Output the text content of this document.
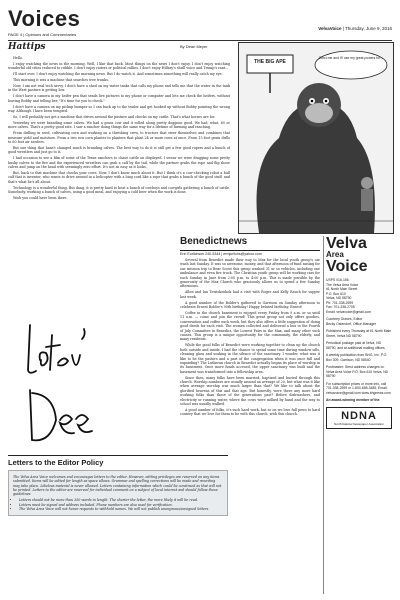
Voices
PAGE 4 | Opinions and Commentaries
VelvaVoice | Thursday, June 9, 2016
Hattips	By Dean Meyer

Hello.

I enjoy watching the news in the morning. Well, I like that back. Most things on the news I don't enjoy. I don't enjoy watching wonderful old cities reduced to rubble. I don't enjoy rioters or political rallies. I don't enjoy Hillary's shrill voice and Trump's rant...

I'll start over. I don't enjoy watching the morning news. But I do watch it. And sometimes something will really catch my eye.

This morning it was a machine that searches tree trunks.

Now, I am not real tech savvy. I don't have a shed on my water tanks that calls my phone and tells me that the water in the tank in the West pasture is getting low.

I don't have a camera in my heifer pen that sends live pictures to my phone or computer and lets me check the heifers, without leaving Bobby and telling her, "It's time for you to check."

I don't have a camera on my pickup bumper so I can back up to the trailer and get hooked up without Bobby pointing the wrong way. Although I have been tempted.

So, I will probably not get a machine that drives around the pasture and checks on my cattle. That's what horses are for.

Yesterday we were branding some calves. We had a grass cow and it rolled along pretty doggone good. We had, what, 60 or more calves. That's a pretty good rate. I saw a rancher doing things the same way for a lifetime of farming and ranching.

From drilling in seed, cultivating corn and working on a threshing crew, to tractors that steer themselves and combines that measure yield and moisture. From a two row corn planter to planters that plant 24 or more rows at once. From 15 foot grain drills to 60 foot air seeders.

But one thing that hasn't changed much is branding calves. The best way to do it is still get a few good ropers and a bunch of good wrestlers and just go to it.

I had occasion to see a film of some of the Texas ranchers to chase cattle on displayed. I swear we were dragging some pretty husky calves to the fire and the experienced wrestlers can grab a calf by the tail, while the partner grabs the rope and flip those calves and jump on the head with seemingly zero effort. It's not as easy as it looks.

But, back to that machine that checks your cows. Now, I don't know much about it. But I think it's a cow-checking robot a bull calf that is inventor, who wants to drive around in a helicopter with a long cord like a rope that grabs a bunch of the good stuff, and that's what he's all about.

Technology is a wonderful thing. But dang, it is pretty hard to beat a bunch of cowboys and cowgirls gathering a bunch of cattle. Somebody, working a bunch of calves, using a good meal, and enjoying a cold beer when the work is done.

Wish you could have been there.

Letters to the Editor Policy

The Velva Area Voice welcomes and encourages letters to the editor. However, editing privileges are reserved on any items submitted. Items will be edited for length as space allows. Grammar and spelling corrections will be made and rewriting may take place. Libelous material is never allowed. Letters containing information which could be construed as that will not be printed. Letters to the editor are reserved for individual comment on a subject of local interest and should follow these guidelines:

• Letters should not be more than 350 words in length. The shorter the letter, the more likely it will be read.
• Letters must be signed and address included. Phone numbers are also used for verification.
• The Velva Area Voice will not honor requests to withhold names. We will not publish anonymous/unsigned letters.
THE BIG APE
Elect me and I'll use my great powers for...
Benedictnews
Erin Eurlichson 240-5344 | ermjurlichs@yahoo.com

Several from Benedict made their way to Max for the local youth group's car wash last Sunday. It was so awesome, money, and that afternoon of fund raising for our mission trip to Bear Scout this group washed 31 or so vehicles, including one ambulance and even fire truck. The Christian youth group will be working cars for each Sunday in June from 2:00 p.m. to 4:00 p.m. This is made possible by the generosity of the Max Church who graciously allows us to spend a few Sunday afternoons.

Allen and Ian Tewishenhok had a visit with Roger and Kelly Rauch for supper last week.

A good number of the Bolder's gathered to Garrison on Sunday afternoon to celebrate Ernest Bolder's 90th birthday! Happy belated birthday, Ernest!

Coffee in the church basement is enjoyed every Friday from 9 a.m. or so until 11 a.m. — come and join the crowd! This great group not only offers goodies, conversation and coffee each week, but they also offers a little suggestion of doing good deeds for each visit. The women collected and delivered a box to the Fourth of July Committee in Benedict, the Lowest Pairs in the Max, and many other such causes. This group is a unique opportunity for the community, the elderly, and many residents.

While the good folks of Benedict were working together to clean up the church both outside and inside, I had the chance to spend some time during window sills, cleaning glass and soaking in the silence of the sanctuary. I wonder, what was it like to be the pastors and a part of the congregation when it was once full and expanding? The Lutheran church in Benedict actually began its place of worship in its basement. Once more funds accrued, the upper sanctuary was built and the basement was transformed into a fellowship area.

Since then, many folks have been married, baptized and buried through this church. Worship numbers are usually around an average of 20, but what was it like when average worship was much larger than that? We like to talk about the glorified heavens of this and that age. But honestly, were there any more hard working folks than those of the generations past? Before dishwashers, and electricity or running water, where the cows were milked by hand and the way to school was usually walked.

A good number of folks, it's such hard work, but so on we love full pews to hard country that we love for them to be with this church, with this church.

Velva
Area
Voice

USPS 016-156
The Velva Area Voice
#1 North Main Street
P.O. Box 610
Velva, ND 58790
Ph: 701-338-2599
Fax: 701-338-2705
Email: velvavoice@gmail.com

Courtney Graves, Editor
Becky Ostendorf, Office Manager

Published every Thursday at #1 North Main Street, Velva ND 58790

Periodical postage paid at Velva, ND 58790, and at additional mailing offices.

A weekly publication from BHG, Inc. P.O. Box 309, Garrison, ND 58540

Postmaster: Send address changes to: Velva Area Voice P.O. Box 610 Velva, ND 58790

For subscription prices or more info, call 701-338-2599 or 1-800-658-3485. Email: velvavoice@gmail.com www.bhgnews.com

An award-winning member of the
NDNA
North Dakota Newspaper Association
